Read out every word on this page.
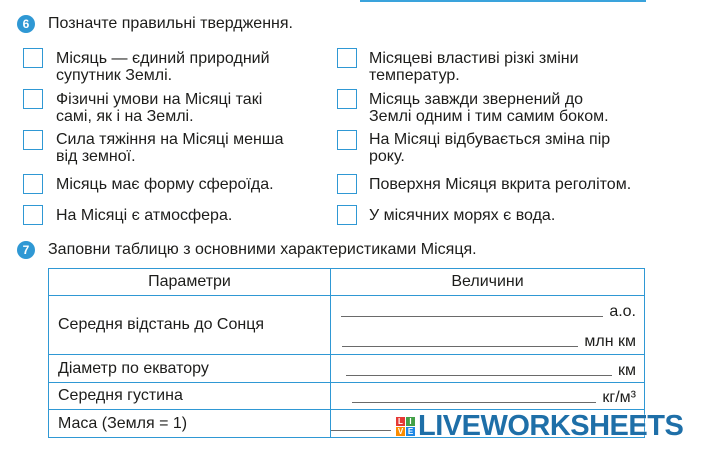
6	Позначте правильні твердження.
Місяць — єдиний природний
супутник Землі.
Фізичні умови на Місяці такі
самі, як і на Землі.
Сила тяжіння на Місяці менша
від земної.
Місяць має форму сфероїда.
На Місяці є атмосфера.
Місяцеві властиві різкі зміни
температур.
Місяць завжди звернений до
Землі одним і тим самим боком.
На Місяці відбувається зміна пір
року.
Поверхня Місяця вкрита реголітом.
У місячних морях є вода.
7	Заповни таблицю з основними характеристиками Місяця.
Параметри	Величини
Середня відстань до Сонця	а.о.
млн км

Діаметр по екватору	км

Середня густина	кг/м³

Маса (Земля = 1)		L I
V E LIVEWORKSHEETS
